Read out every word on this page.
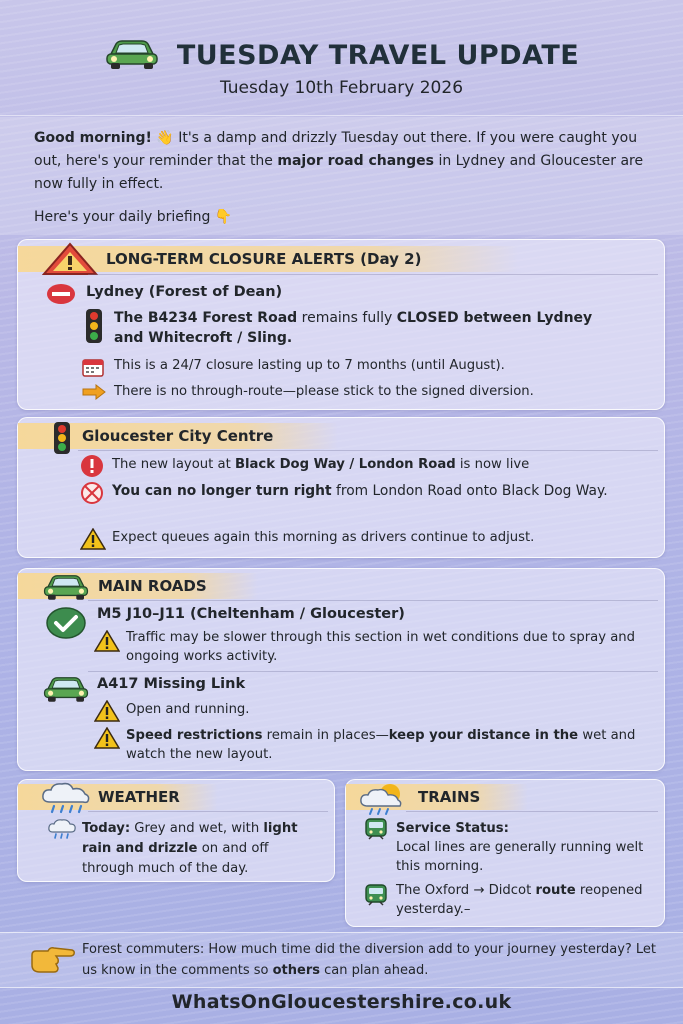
TUESDAY TRAVEL UPDATE
Tuesday 10th February 2026

Good morning! 👋 It's a damp and drizzly Tuesday out there. If you were caught you out, here's your reminder that the major road changes in Lydney and Gloucester are now fully in effect.

Here's your daily briefing 👇

LONG-TERM CLOSURE ALERTS (Day 2)
Lydney (Forest of Dean)
The B4234 Forest Road remains fully CLOSED between Lydney and Whitecroft / Sling.
This is a 24/7 closure lasting up to 7 months (until August).
There is no through-route—please stick to the signed diversion.
Gloucester City Centre
The new layout at Black Dog Way / London Road is now live
You can no longer turn right from London Road onto Black Dog Way.
Expect queues again this morning as drivers continue to adjust.
MAIN ROADS
M5 J10–J11 (Cheltenham / Gloucester)
Traffic may be slower through this section in wet conditions due to spray and ongoing works activity.
A417 Missing Link
Open and running.
Speed restrictions remain in places—keep your distance in the wet and watch the new layout.
WEATHER
Today: Grey and wet, with light rain and drizzle on and off through much of the day.
TRAINS
Service Status:
Local lines are generally running welt this morning.
The Oxford → Didcot route reopened yesterday.–
Forest commuters: How much time did the diversion add to your journey yesterday? Let us know in the comments so others can plan ahead.
WhatsOnGloucestershire.co.uk
